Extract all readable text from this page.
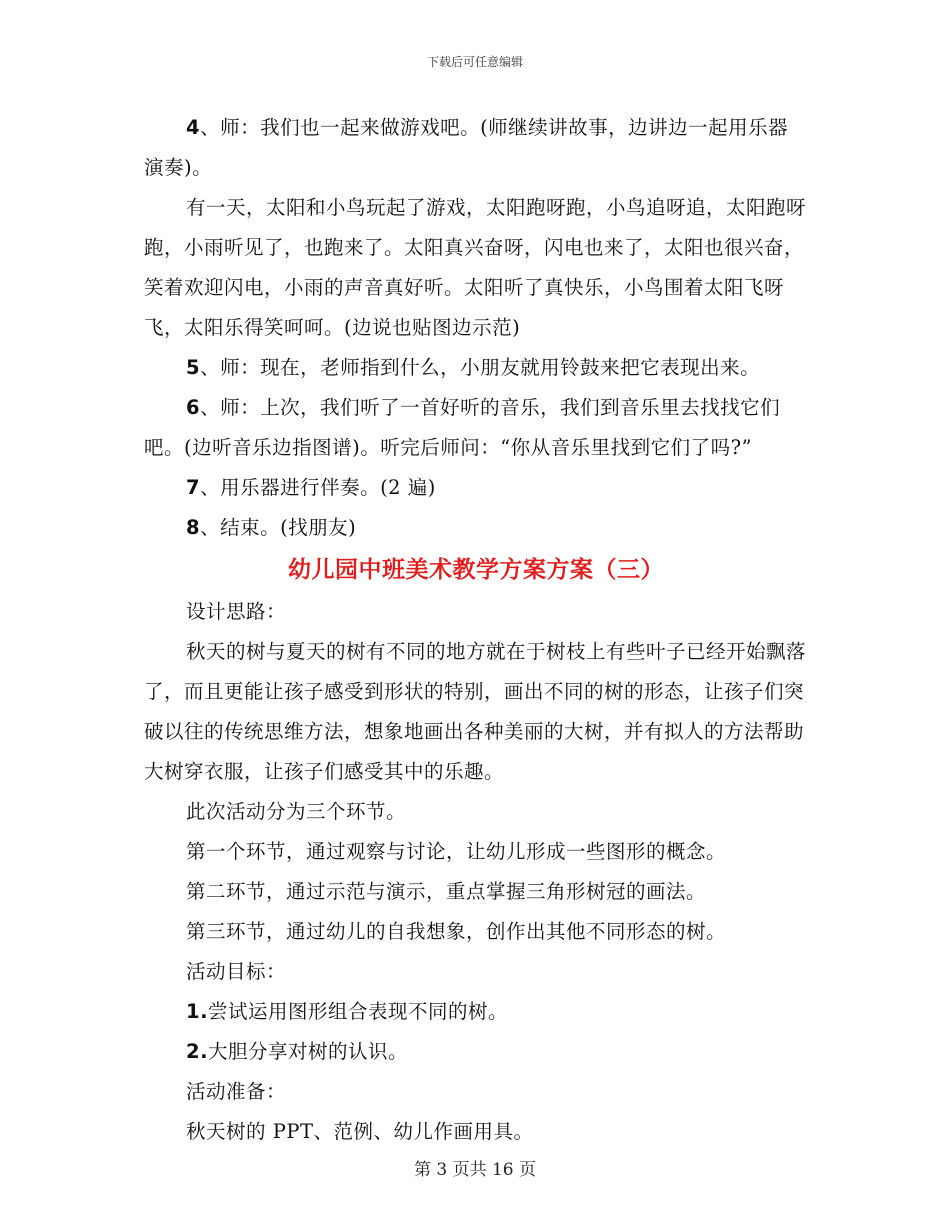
下载后可任意编辑

4、师：我们也一起来做游戏吧。(师继续讲故事，边讲边一起用乐器演奏)。

有一天，太阳和小鸟玩起了游戏，太阳跑呀跑，小鸟追呀追，太阳跑呀跑，小雨听见了，也跑来了。太阳真兴奋呀，闪电也来了，太阳也很兴奋，笑着欢迎闪电，小雨的声音真好听。太阳听了真快乐，小鸟围着太阳飞呀飞，太阳乐得笑呵呵。(边说也贴图边示范)

5、师：现在，老师指到什么，小朋友就用铃鼓来把它表现出来。

6、师：上次，我们听了一首好听的音乐，我们到音乐里去找找它们吧。(边听音乐边指图谱)。听完后师问：“你从音乐里找到它们了吗?”

7、用乐器进行伴奏。(2 遍)

8、结束。(找朋友)

幼儿园中班美术教学方案方案（三）

设计思路：

秋天的树与夏天的树有不同的地方就在于树枝上有些叶子已经开始飘落了，而且更能让孩子感受到形状的特别，画出不同的树的形态，让孩子们突破以往的传统思维方法，想象地画出各种美丽的大树，并有拟人的方法帮助大树穿衣服，让孩子们感受其中的乐趣。

此次活动分为三个环节。

第一个环节，通过观察与讨论，让幼儿形成一些图形的概念。

第二环节，通过示范与演示，重点掌握三角形树冠的画法。

第三环节，通过幼儿的自我想象，创作出其他不同形态的树。

活动目标：

1.尝试运用图形组合表现不同的树。

2.大胆分享对树的认识。

活动准备：

秋天树的 PPT、范例、幼儿作画用具。

第 3 页共 16 页
